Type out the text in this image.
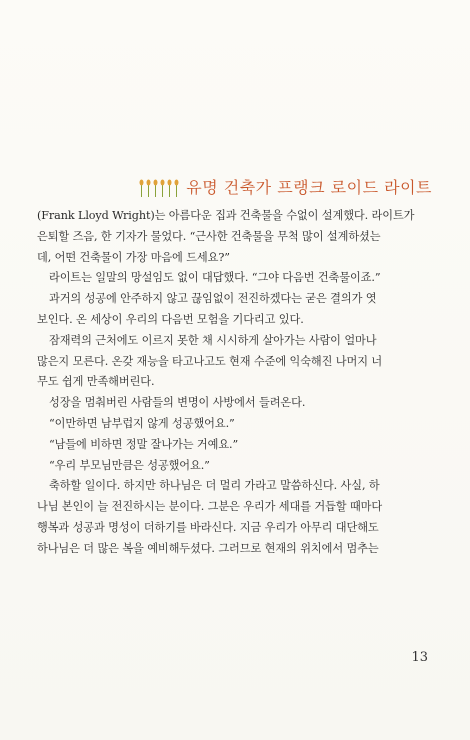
유명 건축가 프랭크 로이드 라이트
(Frank Lloyd Wright)는 아름다운 집과 건축물을 수없이 설계했다. 라이트가
은퇴할 즈음, 한 기자가 물었다. “근사한 건축물을 무척 많이 설계하셨는
데, 어떤 건축물이 가장 마음에 드세요?”
라이트는 일말의 망설임도 없이 대답했다. “그야 다음번 건축물이죠.”
과거의 성공에 안주하지 않고 끊임없이 전진하겠다는 굳은 결의가 엿
보인다. 온 세상이 우리의 다음번 모험을 기다리고 있다.
잠재력의 근처에도 이르지 못한 채 시시하게 살아가는 사람이 얼마나
많은지 모른다. 온갖 재능을 타고나고도 현재 수준에 익숙해진 나머지 너
무도 쉽게 만족해버린다.
성장을 멈춰버린 사람들의 변명이 사방에서 들려온다.
“이만하면 남부럽지 않게 성공했어요.”
“남들에 비하면 정말 잘나가는 거예요.”
“우리 부모님만큼은 성공했어요.”
축하할 일이다. 하지만 하나님은 더 멀리 가라고 말씀하신다. 사실, 하
나님 본인이 늘 전진하시는 분이다. 그분은 우리가 세대를 거듭할 때마다
행복과 성공과 명성이 더하기를 바라신다. 지금 우리가 아무리 대단해도
하나님은 더 많은 복을 예비해두셨다. 그러므로 현재의 위치에서 멈추는
13
